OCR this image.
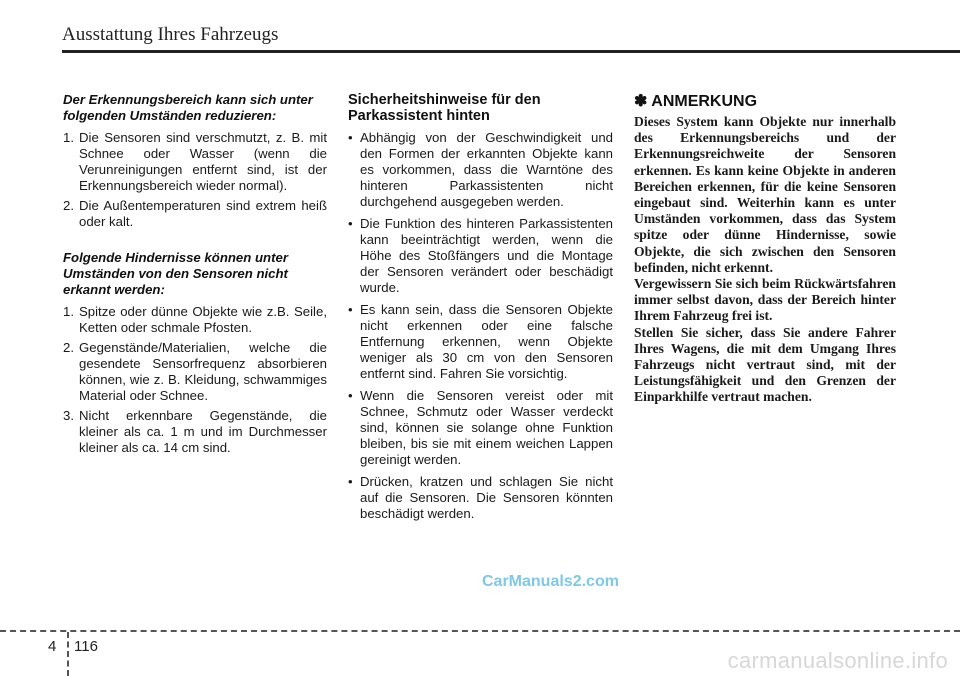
Ausstattung Ihres Fahrzeugs

Der Erkennungsbereich kann sich unter folgenden Umständen reduzieren:

1. Die Sensoren sind verschmutzt, z. B. mit Schnee oder Wasser (wenn die Verunreinigungen entfernt sind, ist der Erkennungsbereich wieder normal).
2. Die Außentemperaturen sind extrem heiß oder kalt.

Folgende Hindernisse können unter Umständen von den Sensoren nicht erkannt werden:

1. Spitze oder dünne Objekte wie z.B. Seile, Ketten oder schmale Pfosten.
2. Gegenstände/Materialien, welche die gesendete Sensorfrequenz absorbieren können, wie z. B. Kleidung, schwammiges Material oder Schnee.
3. Nicht erkennbare Gegenstände, die kleiner als ca. 1 m und im Durchmesser kleiner als ca. 14 cm sind.

Sicherheitshinweise für den Parkassistent hinten

• Abhängig von der Geschwindigkeit und den Formen der erkannten Objekte kann es vorkommen, dass die Warntöne des hinteren Parkassistenten nicht durchgehend ausgegeben werden.
• Die Funktion des hinteren Parkassistenten kann beeinträchtigt werden, wenn die Höhe des Stoßfängers und die Montage der Sensoren verändert oder beschädigt wurde.
• Es kann sein, dass die Sensoren Objekte nicht erkennen oder eine falsche Entfernung erkennen, wenn Objekte weniger als 30 cm von den Sensoren entfernt sind. Fahren Sie vorsichtig.
• Wenn die Sensoren vereist oder mit Schnee, Schmutz oder Wasser verdeckt sind, können sie solange ohne Funktion bleiben, bis sie mit einem weichen Lappen gereinigt werden.
• Drücken, kratzen und schlagen Sie nicht auf die Sensoren. Die Sensoren könnten beschädigt werden.

✽ ANMERKUNG

Dieses System kann Objekte nur innerhalb des Erkennungsbereichs und der Erkennungsreichweite der Sensoren erkennen. Es kann keine Objekte in anderen Bereichen erkennen, für die keine Sensoren eingebaut sind. Weiterhin kann es unter Umständen vorkommen, dass das System spitze oder dünne Hindernisse, sowie Objekte, die sich zwischen den Sensoren befinden, nicht erkennt.

Vergewissern Sie sich beim Rückwärtsfahren immer selbst davon, dass der Bereich hinter Ihrem Fahrzeug frei ist.

Stellen Sie sicher, dass Sie andere Fahrer Ihres Wagens, die mit dem Umgang Ihres Fahrzeugs nicht vertraut sind, mit der Leistungsfähigkeit und den Grenzen der Einparkhilfe vertraut machen.

CarManuals2.com
4 116
carmanualsonline.info
